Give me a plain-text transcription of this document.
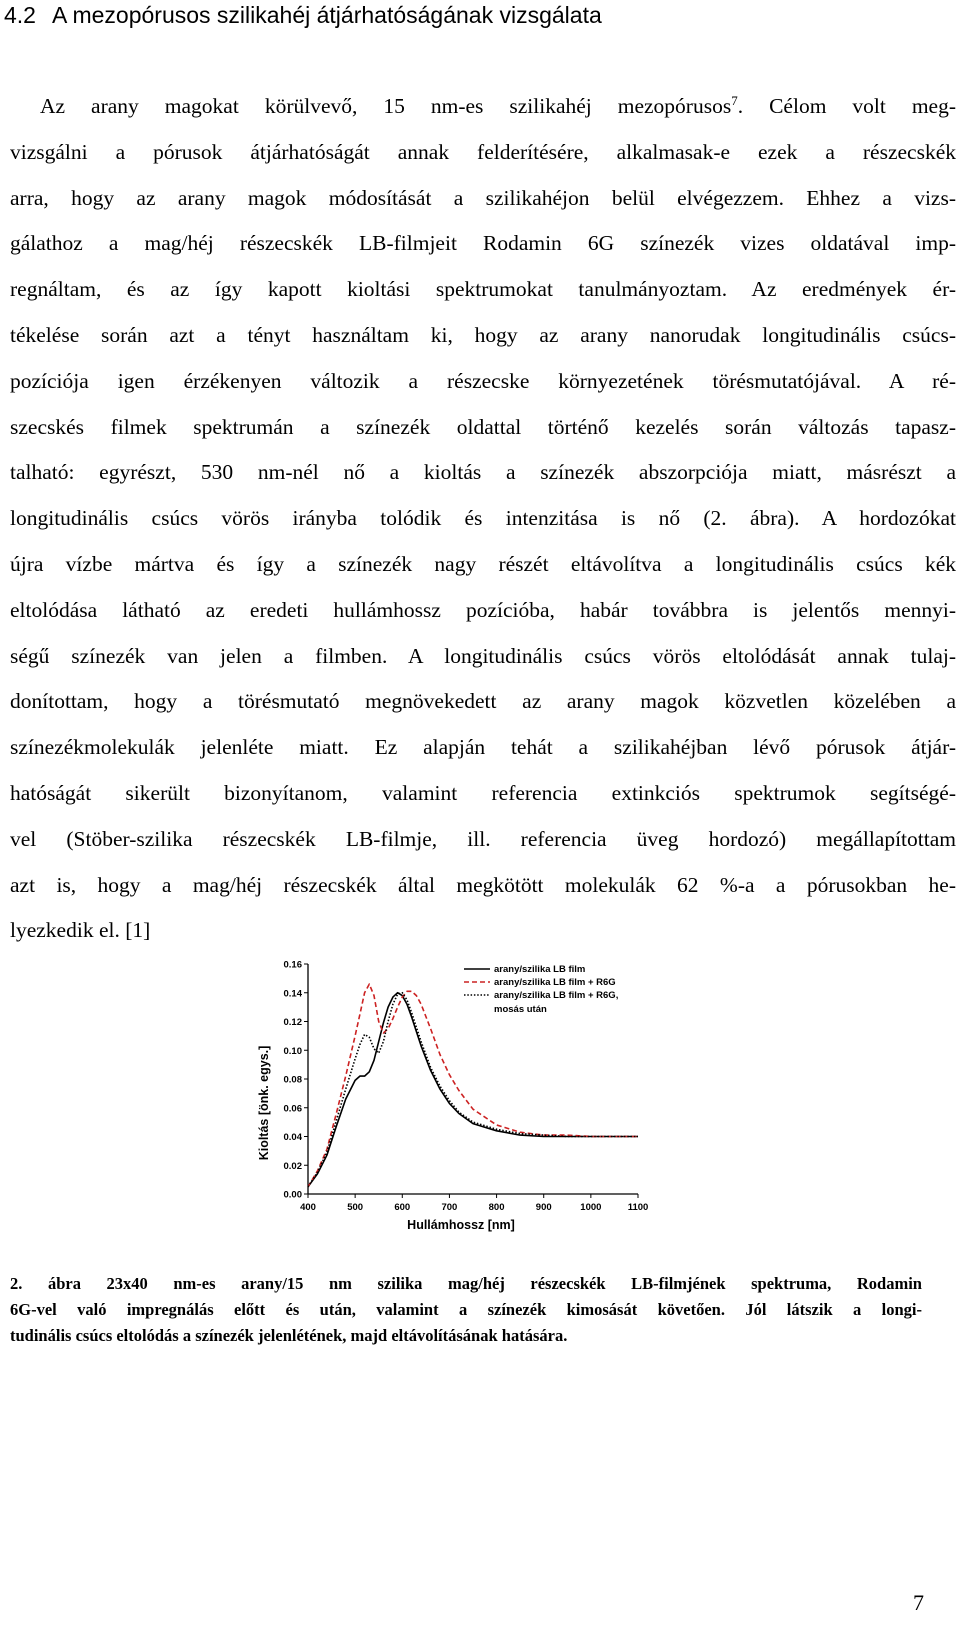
4.2 A mezopórusos szilikahéj átjárhatóságának vizsgálata
Az arany magokat körülvevő, 15 nm-es szilikahéj mezopórusos$^7$. Célom volt meg-
vizsgálni a pórusok átjárhatóságát annak felderítésére, alkalmasak-e ezek a részecskék
arra, hogy az arany magok módosítását a szilikahéjon belül elvégezzem. Ehhez a vizs-
gálathoz a mag/héj részecskék LB-filmjeit Rodamin 6G színezék vizes oldatával imp-
regnáltam, és az így kapott kioltási spektrumokat tanulmányoztam. Az eredmények ér-
tékelése során azt a tényt használtam ki, hogy az arany nanorudak longitudinális csúcs-
pozíciója igen érzékenyen változik a részecske környezetének törésmutatójával. A ré-
szecskés filmek spektrumán a színezék oldattal történő kezelés során változás tapasz-
talható: egyrészt, 530 nm-nél nő a kioltás a színezék abszorpciója miatt, másrészt a
longitudinális csúcs vörös irányba tolódik és intenzitása is nő (2. ábra). A hordozókat
újra vízbe mártva és így a színezék nagy részét eltávolítva a longitudinális csúcs kék
eltolódása látható az eredeti hullámhossz pozícióba, habár továbbra is jelentős mennyi-
ségű színezék van jelen a filmben. A longitudinális csúcs vörös eltolódását annak tulaj-
donítottam, hogy a törésmutató megnövekedett az arany magok közvetlen közelében a
színezékmolekulák jelenléte miatt. Ez alapján tehát a szilikahéjban lévő pórusok átjár-
hatóságát sikerült bizonyítanom, valamint referencia extinkciós spektrumok segítségé-
vel (Stöber-szilika részecskék LB-filmje, ill. referencia üveg hordozó) megállapítottam
azt is, hogy a mag/héj részecskék által megkötött molekulák 62 %-a a pórusokban he-
lyezkedik el. [1]
0.00
0.02
0.04
0.06
0.08
0.10
0.12
0.14
0.16
400	500	600	700	800	900	1000	1100
arany/szilika LB film
arany/szilika LB film + R6G
arany/szilika LB film + R6G,
mosás után
Hullámhossz [nm]
Kioltás [önk. egys.]
2. ábra 23x40 nm-es arany/15 nm szilika mag/héj részecskék LB-filmjének spektruma, Rodamin
6G-vel való impregnálás előtt és után, valamint a színezék kimosását követően. Jól látszik a longi-
tudinális csúcs eltolódás a színezék jelenlétének, majd eltávolításának hatására.
7
